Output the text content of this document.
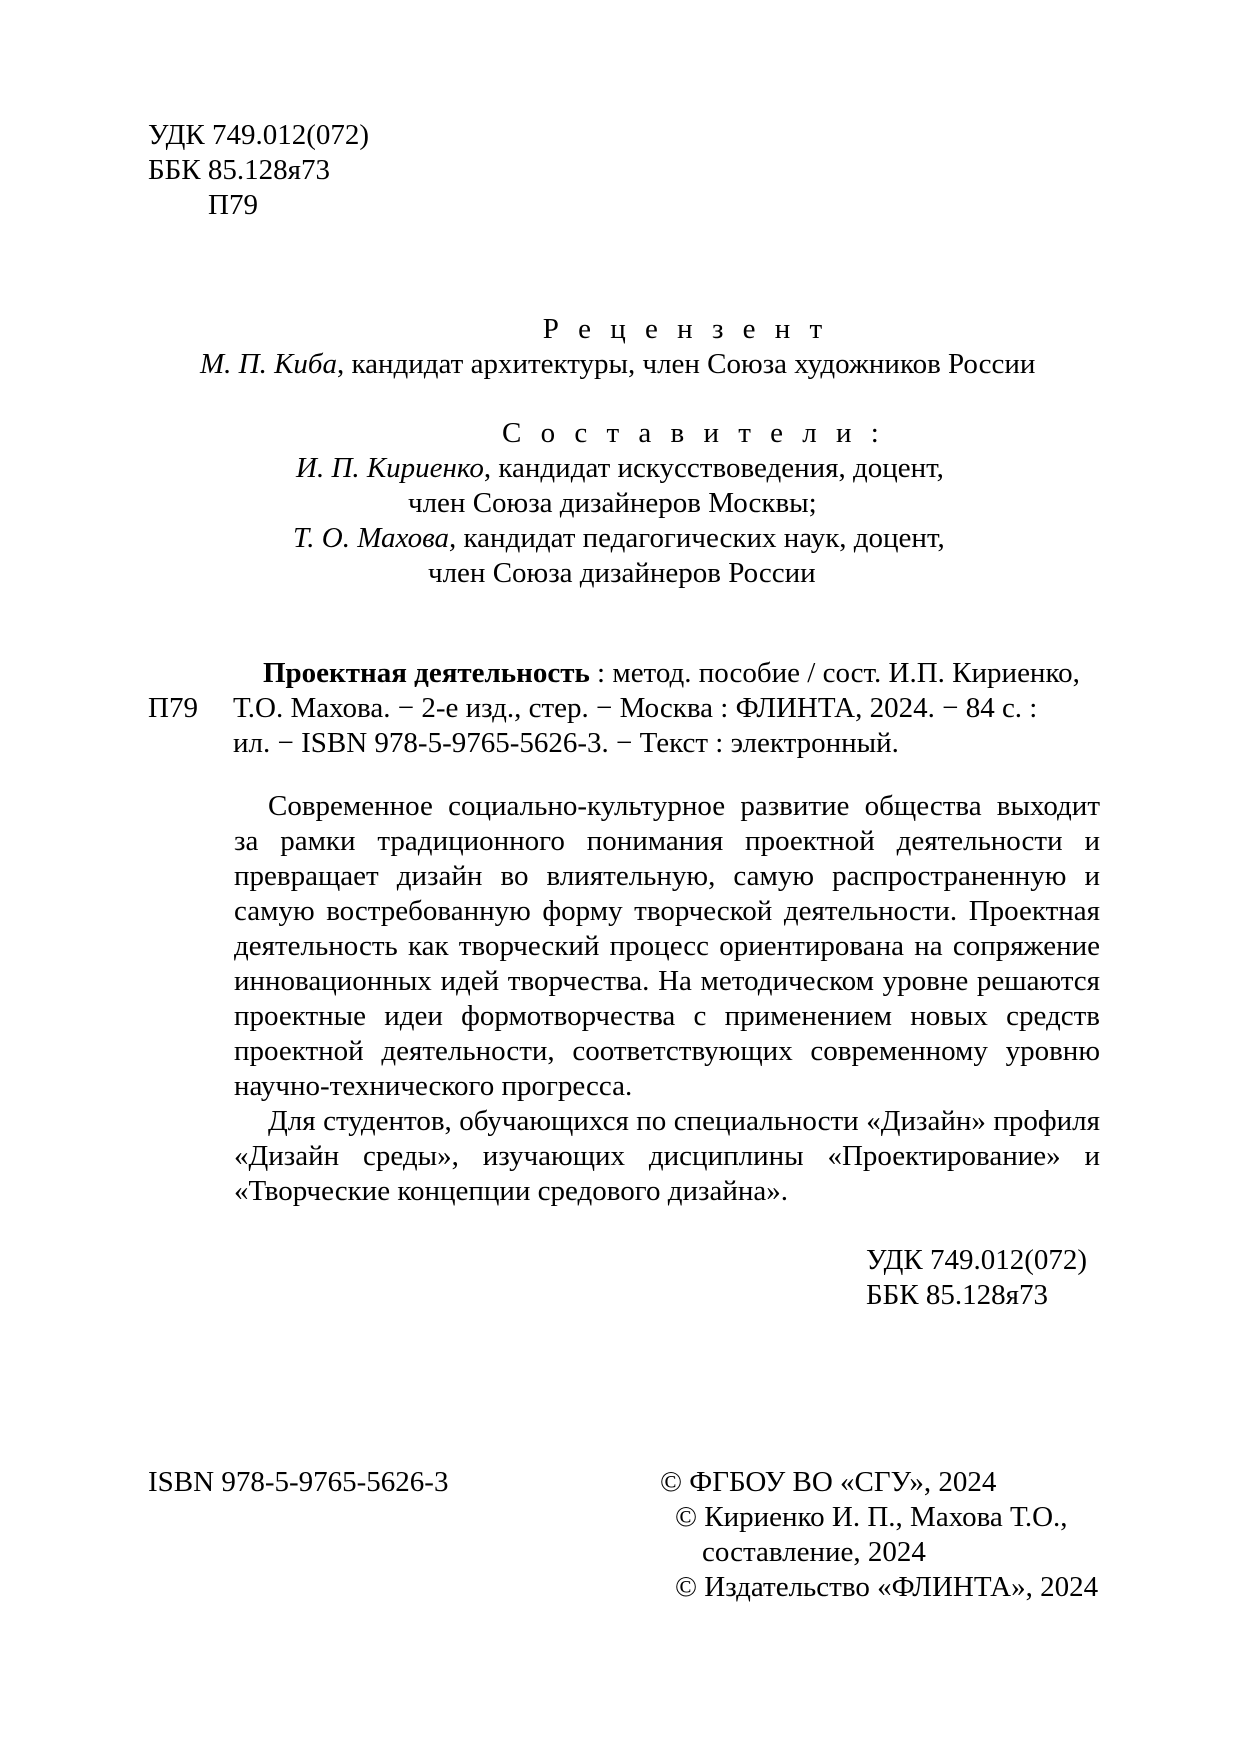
УДК 749.012(072)
ББК 85.128я73
П79
Р е ц е н з е н т
М. П. Киба, кандидат архитектуры, член Союза художников России
С о с т а в и т е л и :
И. П. Кириенко, кандидат искусствоведения, доцент,
член Союза дизайнеров Москвы;
Т. О. Махова, кандидат педагогических наук, доцент,
член Союза дизайнеров России
Проектная деятельность : метод. пособие / сост. И.П. Кириенко,
П79 Т.О. Махова. − 2-е изд., стер. − Москва : ФЛИНТА, 2024. − 84 с. :
ил. − ISBN 978-5-9765-5626-3. − Текст : электронный.
Современное социально-культурное развитие общества выходит
за рамки традиционного понимания проектной деятельности и
превращает дизайн во влиятельную, самую распространенную и
самую востребованную форму творческой деятельности. Проектная
деятельность как творческий процесс ориентирована на сопряжение
инновационных идей творчества. На методическом уровне решаются
проектные идеи формотворчества с применением новых средств
проектной деятельности, соответствующих современному уровню
научно-технического прогресса.
Для студентов, обучающихся по специальности «Дизайн» профиля
«Дизайн среды», изучающих дисциплины «Проектирование» и
«Творческие концепции средового дизайна».
УДК 749.012(072)
ББК 85.128я73
ISBN 978-5-9765-5626-3	© ФГБОУ ВО «СГУ», 2024
© Кириенко И. П., Махова Т.О.,
составление, 2024
© Издательство «ФЛИНТА», 2024
